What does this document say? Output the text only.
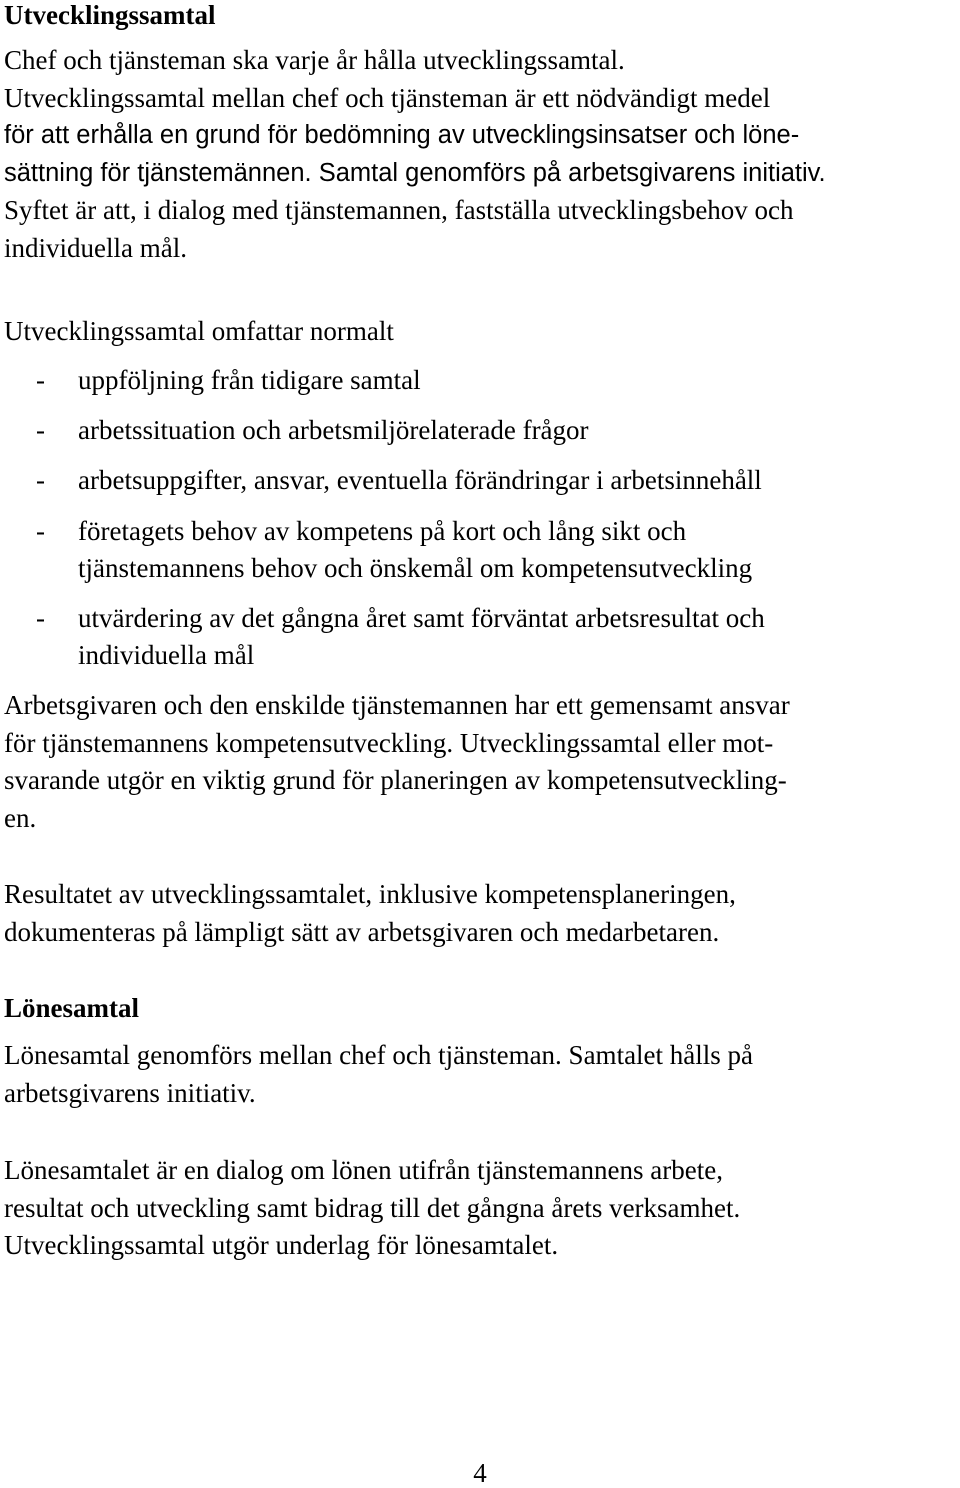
Utvecklingssamtal
Chef och tjänsteman ska varje år hålla utvecklingssamtal.
Utvecklingssamtal mellan chef och tjänsteman är ett nödvändigt medel
för att erhålla en grund för bedömning av utvecklingsinsatser och löne-
sättning för tjänstemännen. Samtal genomförs på arbetsgivarens initiativ.
Syftet är att, i dialog med tjänstemannen, fastställa utvecklingsbehov och
individuella mål.

Utvecklingssamtal omfattar normalt

- uppföljning från tidigare samtal
- arbetssituation och arbetsmiljörelaterade frågor
- arbetsuppgifter, ansvar, eventuella förändringar i arbetsinnehåll
- företagets behov av kompetens på kort och lång sikt och
tjänstemannens behov och önskemål om kompetensutveckling
- utvärdering av det gångna året samt förväntat arbetsresultat och
individuella mål
Arbetsgivaren och den enskilde tjänstemannen har ett gemensamt ansvar
för tjänstemannens kompetensutveckling. Utvecklingssamtal eller mot-
svarande utgör en viktig grund för planeringen av kompetensutveckling-
en.
Resultatet av utvecklingssamtalet, inklusive kompetensplaneringen,
dokumenteras på lämpligt sätt av arbetsgivaren och medarbetaren.
Lönesamtal
Lönesamtal genomförs mellan chef och tjänsteman. Samtalet hålls på
arbetsgivarens initiativ.
Lönesamtalet är en dialog om lönen utifrån tjänstemannens arbete,
resultat och utveckling samt bidrag till det gångna årets verksamhet.
Utvecklingssamtal utgör underlag för lönesamtalet.
4
